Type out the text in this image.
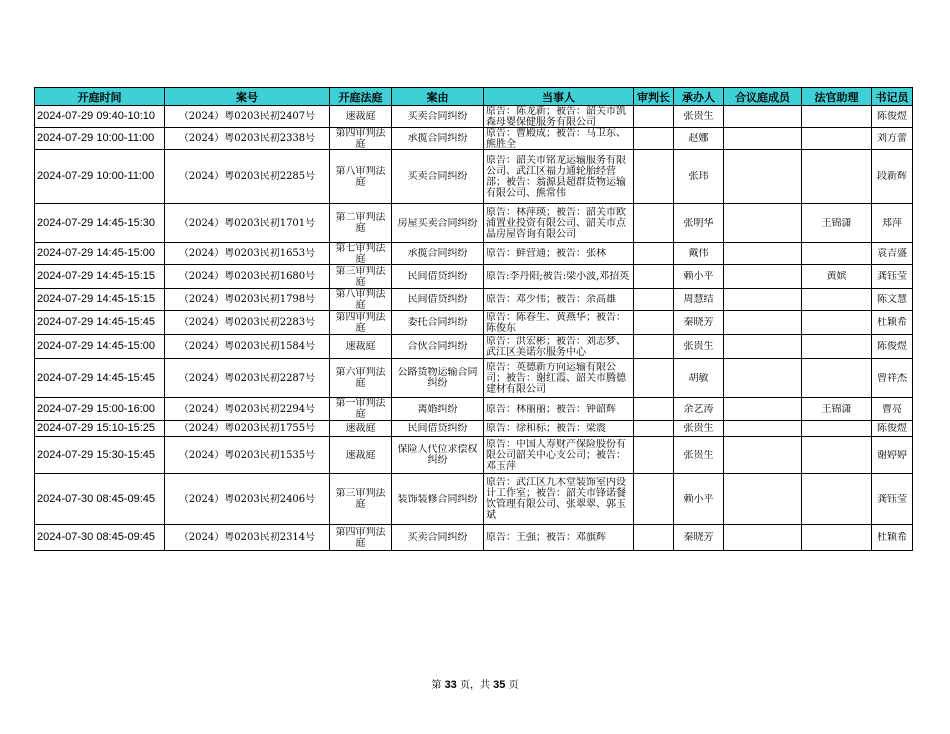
开庭时间	案号	开庭法庭	案由	当事人	审判长	承办人	合议庭成员	法官助理	书记员

2024-07-29 09:40-10:10	（2024）粤0203民初2407号	速裁庭	买卖合同纠纷	原告：陈龙新；被告：韶关市凯森母婴保健服务有限公司		张贵生			陈俊煜

2024-07-29 10:00-11:00	（2024）粤0203民初2338号	第四审判法庭	承揽合同纠纷	原告：曹殿成；被告：马卫东、熊胜全		赵娜			刘方蕾

2024-07-29 10:00-11:00	（2024）粤0203民初2285号	第八审判法庭	买卖合同纠纷	原告：韶关市铭龙运输服务有限公司、武江区福力通轮胎经营部；被告：翁源县超群货物运输有限公司、熊常伟		张玮			段新辉

2024-07-29 14:45-15:30	（2024）粤0203民初1701号	第二审判法庭	房屋买卖合同纠纷	原告：林萍瑛；被告：韶关市欧浦置业投资有限公司、韶关市点晶房屋咨询有限公司		张明华		王锦潇	郑萍

2024-07-29 14:45-15:00	（2024）粤0203民初1653号	第七审判法庭	承揽合同纠纷	原告：鲜营通；被告：张林		戴伟			袁吉盛

2024-07-29 14:45-15:15	（2024）粤0203民初1680号	第三审判法庭	民间借贷纠纷	原告:李丹阳;被告:梁小波,邓招英		赖小平		黄嫔	龚钰莹

2024-07-29 14:45-15:15	（2024）粤0203民初1798号	第八审判法庭	民间借贷纠纷	原告：邓少伟；被告：余高雄		周慧结			陈文慧

2024-07-29 14:45-15:45	（2024）粤0203民初2283号	第四审判法庭	委托合同纠纷	原告：陈春生、黄燕华；被告：陈俊东		秦晓芳			杜颖希

2024-07-29 14:45-15:00	（2024）粤0203民初1584号	速裁庭	合伙合同纠纷	原告：洪宏彬；被告：刘志梦、武江区美诺尔服务中心		张贵生			陈俊煜

2024-07-29 14:45-15:45	（2024）粤0203民初2287号	第六审判法庭	公路货物运输合同纠纷	原告：英德新方向运输有限公司；被告：谢红霞、韶关市腾德建材有限公司		胡敏			曾祥杰

2024-07-29 15:00-16:00	（2024）粤0203民初2294号	第一审判法庭	离婚纠纷	原告：林丽丽；被告：钟韶辉		余艺涛		王锦潇	曹亮

2024-07-29 15:10-15:25	（2024）粤0203民初1755号	速裁庭	民间借贷纠纷	原告：徐和标；被告：梁震		张贵生			陈俊煜

2024-07-29 15:30-15:45	（2024）粤0203民初1535号	速裁庭	保险人代位求偿权纠纷	原告：中国人寿财产保险股份有限公司韶关中心支公司；被告：邓玉萍		张贵生			谢婷婷

2024-07-30 08:45-09:45	（2024）粤0203民初2406号	第三审判法庭	装饰装修合同纠纷	原告：武江区九木堂装饰室内设计工作室；被告：韶关市锋诺餐饮管理有限公司、张翠翠、郭玉斌		赖小平			龚钰莹

2024-07-30 08:45-09:45	（2024）粤0203民初2314号	第四审判法庭	买卖合同纠纷	原告：王强；被告：邓旗辉		秦晓芳			杜颖希
第 33 页，共 35 页
